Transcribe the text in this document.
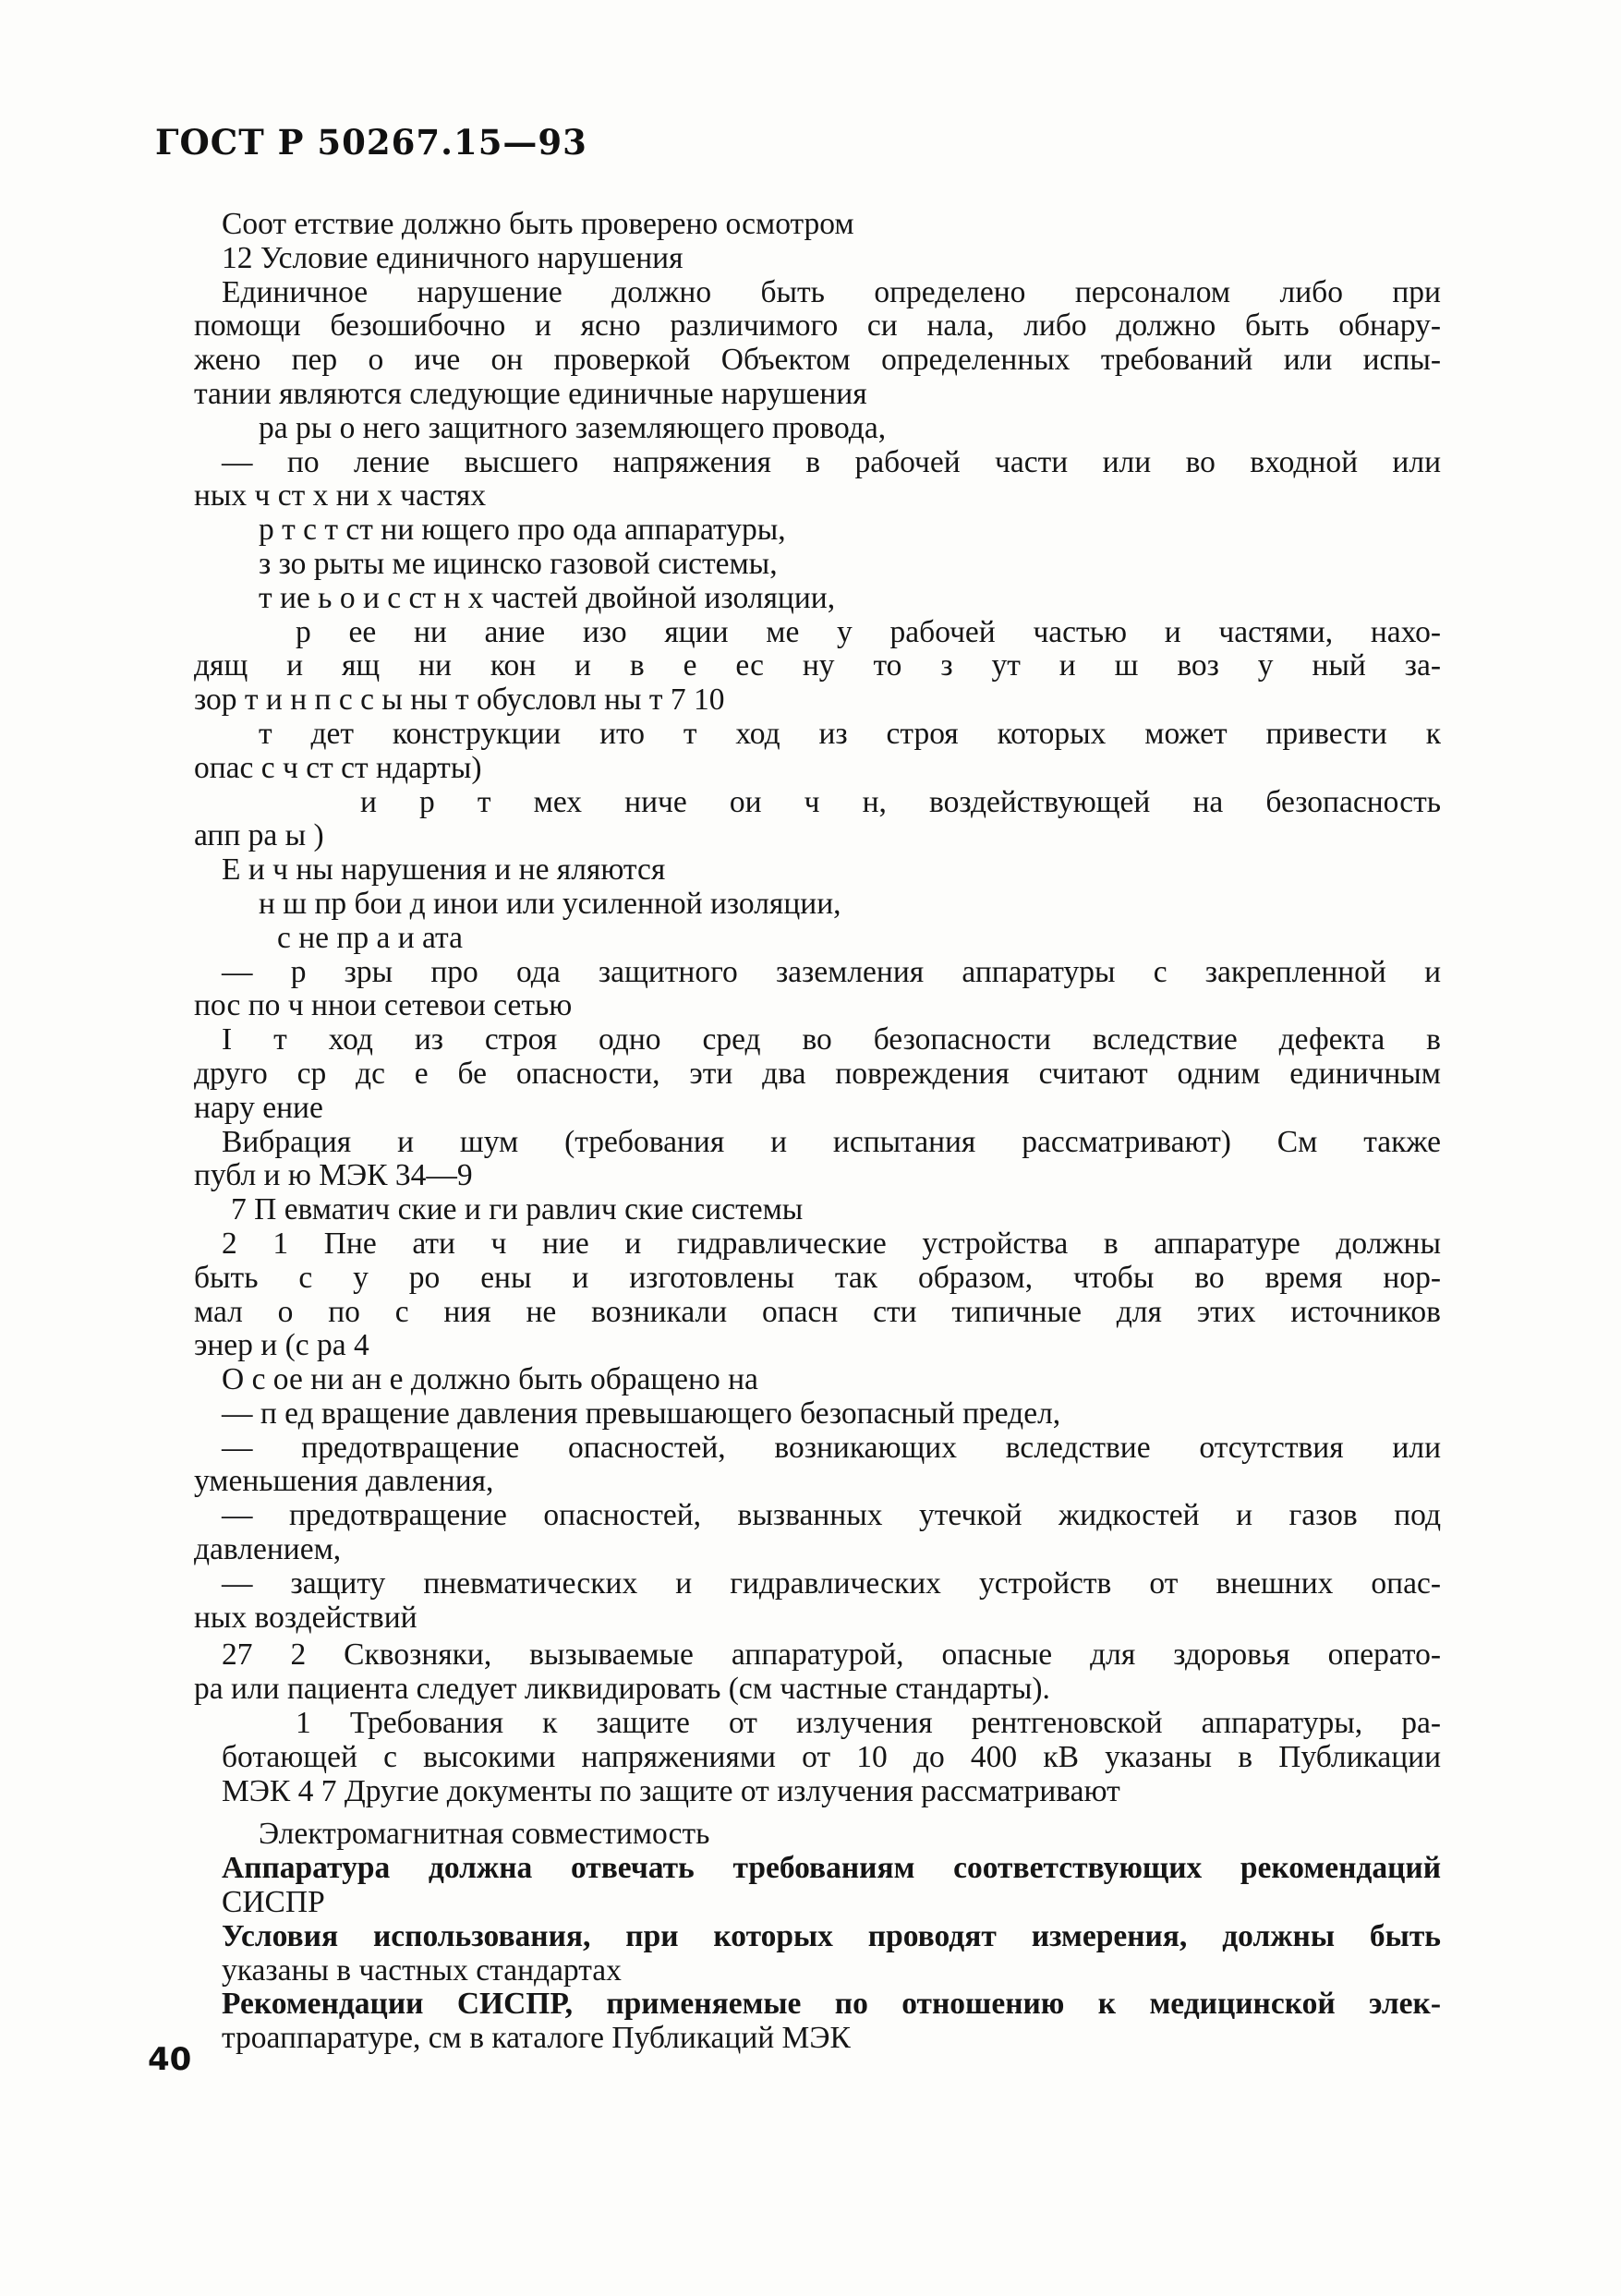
ГОСТ Р 50267.15—93
Соот етствие должно быть проверено осмотром
12 Условие единичного нарушения
Единичное нарушение должно быть определено персоналом либо при
помощи безошибочно и ясно различимого си нала, либо должно быть обнару-
жено пер о иче он проверкой Объектом определенных требований или испы-
тании являются следующие единичные нарушения
ра ры о него защитного заземляющего провода,
— по ление высшего напряжения в рабочей части или во входной или
ных ч ст х ни х частях
р т с т ст ни ющего про ода аппаратуры,
з зо рыты ме ицинско газовой системы,
т ие ь о и с ст н х частей двойной изоляции,
р ее ни ание изо яции ме у рабочей частью и частями, нахо-
дящ и ящ ни кон и в е ес ну то з ут и ш воз у ный за-
зор т и н п с с ы ны т обусловл ны т 7 10
т дет конструкции ито т ход из строя которых может привести к
опас с ч ст ст ндарты)
и р т мех ниче ои ч н, воздействующей на безопасность
апп ра ы )
Е и ч ны нарушения и не яляются
н ш пр бои д инои или усиленной изоляции,
с не пр а и ата
— р зры про ода защитного заземления аппаратуры с закрепленной и
пос по ч ннои сетевои сетью
I т ход из строя одно сред во безопасности вследствие дефекта в
друго ср дс е бе опасности, эти два повреждения считают одним единичным
нару ение
Вибрация и шум (требования и испытания рассматривают) См также
публ и ю МЭК 34—9
7 П евматич ские и ги равлич ские системы
2 1 Пне ати ч ние и гидравлические устройства в аппаратуре должны
быть с у ро ены и изготовлены так образом, чтобы во время нор-
мал о по с ния не возникали опасн сти типичные для этих источников
энер и (с ра 4
О с ое ни ан е должно быть обращено на
— п ед вращение давления превышающего безопасный предел,
— предотвращение опасностей, возникающих вследствие отсутствия или
уменьшения давления,
— предотвращение опасностей, вызванных утечкой жидкостей и газов под
давлением,
— защиту пневматических и гидравлических устройств от внешних опас-
ных воздействий
27 2 Сквозняки, вызываемые аппаратурой, опасные для здоровья операто-
ра или пациента следует ликвидировать (см частные стандарты).
1 Требования к защите от излучения рентгеновской аппаратуры, ра-
ботающей с высокими напряжениями от 10 до 400 кВ указаны в Публикации
МЭК 4 7 Другие документы по защите от излучения рассматривают
Электромагнитная совместимость
Аппаратура должна отвечать требованиям соответствующих рекомендаций
СИСПР
Условия использования, при которых проводят измерения, должны быть
указаны в частных стандартах
Рекомендации СИСПР, применяемые по отношению к медицинской элек-
троаппаратуре, см в каталоге Публикаций МЭК
40
